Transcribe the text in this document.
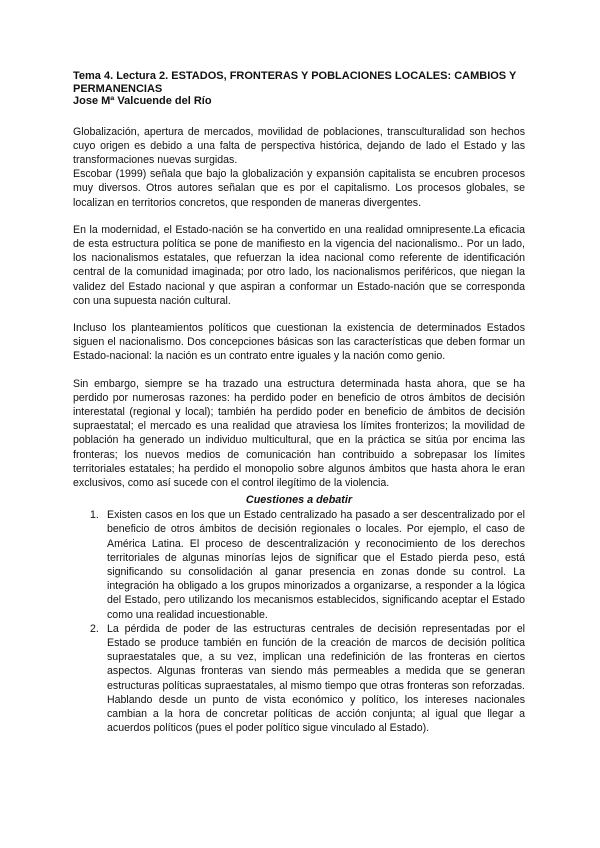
Tema 4. Lectura 2. ESTADOS, FRONTERAS Y POBLACIONES LOCALES: CAMBIOS Y PERMANENCIAS

Jose Mª Valcuende del Río

Globalización, apertura de mercados, movilidad de poblaciones, transculturalidad son hechos cuyo origen es debido a una falta de perspectiva histórica, dejando de lado el Estado y las transformaciones nuevas surgidas.

Escobar (1999) señala que bajo la globalización y expansión capitalista se encubren procesos muy diversos. Otros autores señalan que es por el capitalismo. Los procesos globales, se localizan en territorios concretos, que responden de maneras divergentes.

En la modernidad, el Estado-nación se ha convertido en una realidad omnipresente.La eficacia de esta estructura política se pone de manifiesto en la vigencia del nacionalismo.. Por un lado, los nacionalismos estatales, que refuerzan la idea nacional como referente de identificación central de la comunidad imaginada; por otro lado, los nacionalismos periféricos, que niegan la validez del Estado nacional y que aspiran a conformar un Estado-nación que se corresponda con una supuesta nación cultural.

Incluso los planteamientos políticos que cuestionan la existencia de determinados Estados siguen el nacionalismo. Dos concepciones básicas son las características que deben formar un Estado-nacional: la nación es un contrato entre iguales y la nación como genio.

Sin embargo, siempre se ha trazado una estructura determinada hasta ahora, que se ha perdido por numerosas razones: ha perdido poder en beneficio de otros ámbitos de decisión interestatal (regional y local); también ha perdido poder en beneficio de ámbitos de decisión supraestatal; el mercado es una realidad que atraviesa los límites fronterizos; la movilidad de población ha generado un individuo multicultural, que en la práctica se sitúa por encima las fronteras; los nuevos medios de comunicación han contribuido a sobrepasar los límites territoriales estatales; ha perdido el monopolio sobre algunos ámbitos que hasta ahora le eran exclusivos, como así sucede con el control ilegítimo de la violencia.

Cuestiones a debatir

1. Existen casos en los que un Estado centralizado ha pasado a ser descentralizado por el beneficio de otros ámbitos de decisión regionales o locales. Por ejemplo, el caso de América Latina. El proceso de descentralización y reconocimiento de los derechos territoriales de algunas minorías lejos de significar que el Estado pierda peso, está significando su consolidación al ganar presencia en zonas donde su control. La integración ha obligado a los grupos minorizados a organizarse, a responder a la lógica del Estado, pero utilizando los mecanismos establecidos, significando aceptar el Estado como una realidad incuestionable.

2. La pérdida de poder de las estructuras centrales de decisión representadas por el Estado se produce también en función de la creación de marcos de decisión política supraestatales que, a su vez, implican una redefinición de las fronteras en ciertos aspectos. Algunas fronteras van siendo más permeables a medida que se generan estructuras políticas supraestatales, al mismo tiempo que otras fronteras son reforzadas. Hablando desde un punto de vista económico y político, los intereses nacionales cambian a la hora de concretar políticas de acción conjunta; al igual que llegar a acuerdos políticos (pues el poder político sigue vinculado al Estado).
